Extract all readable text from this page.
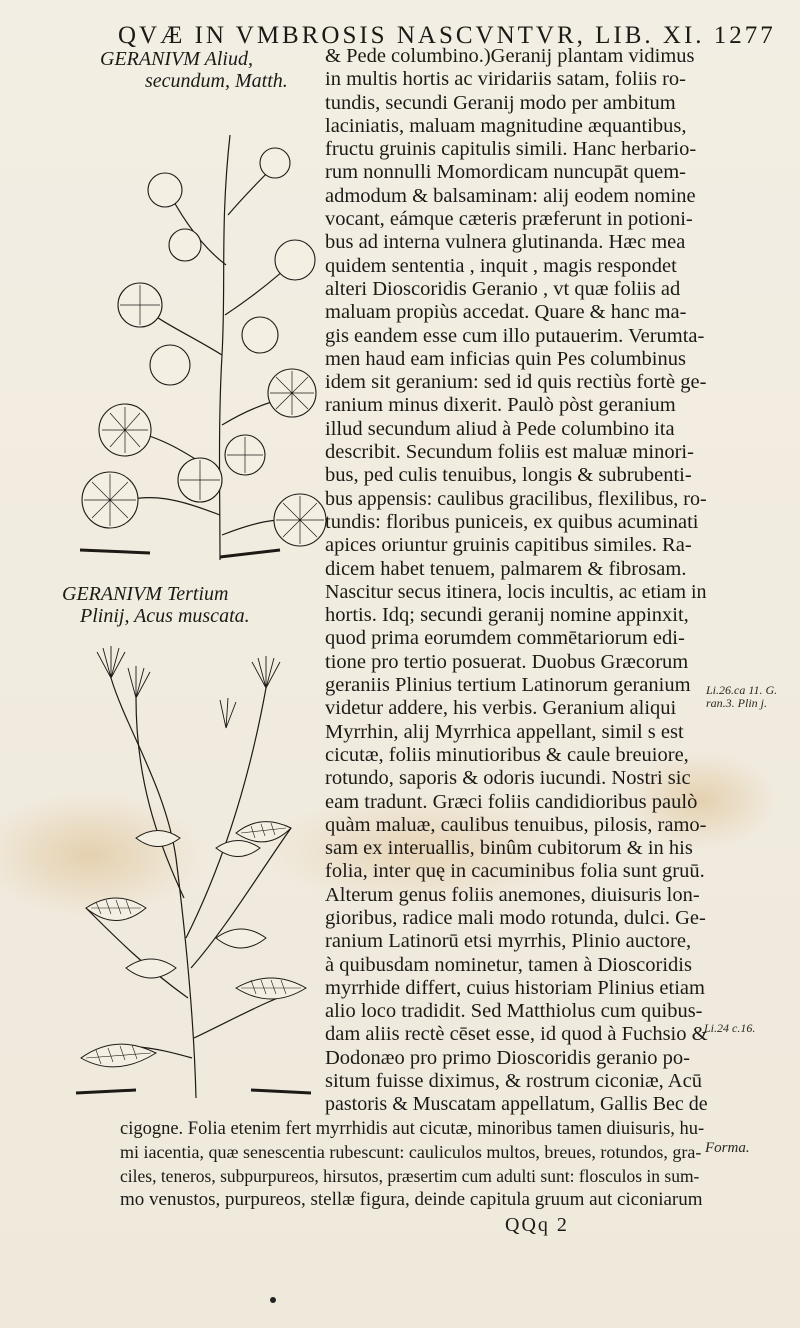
QVÆ IN VMBROSIS NASCVNTVR, LIB. XI. 1277
GERANIVM Aliud,
secundum, Matth.
GERANIVM Tertium
Plinij, Acus muscata.
& Pede columbino.)Geranij plantam vidimus
in multis hortis ac viridariis satam, foliis ro-
tundis, secundi Geranij modo per ambitum
laciniatis, maluam magnitudine æquantibus,
fructu gruinis capitulis simili. Hanc herbario-
rum nonnulli Momordicam nuncupāt quem-
admodum & balsaminam: alij eodem nomine
vocant, eámque cæteris præferunt in potioni-
bus ad interna vulnera glutinanda. Hæc mea
quidem sententia , inquit , magis respondet
alteri Dioscoridis Geranio , vt quæ foliis ad
maluam propiùs accedat. Quare & hanc ma-
gis eandem esse cum illo putauerim. Verumta-
men haud eam inficias quin Pes columbinus
idem sit geranium: sed id quis rectiùs fortè ge-
ranium minus dixerit. Paulò pòst geranium
illud secundum aliud à Pede columbino ita
describit. Secundum foliis est maluæ minori-
bus, ped culis tenuibus, longis & subrubenti-
bus appensis: caulibus gracilibus, flexilibus, ro-
tundis: floribus puniceis, ex quibus acuminati
apices oriuntur gruinis capitibus similes. Ra-
dicem habet tenuem, palmarem & fibrosam.
Nascitur secus itinera, locis incultis, ac etiam in
hortis. Idq; secundi geranij nomine appinxit,
quod prima eorumdem commētariorum edi-
tione pro tertio posuerat. Duobus Græcorum
geraniis Plinius tertium Latinorum geranium
videtur addere, his verbis. Geranium aliqui
Myrrhin, alij Myrrhica appellant, simil s est
cicutæ, foliis minutioribus & caule breuiore,
rotundo, saporis & odoris iucundi. Nostri sic
eam tradunt. Græci foliis candidioribus paulò
quàm maluæ, caulibus tenuibus, pilosis, ramo-
sam ex interuallis, binûm cubitorum & in his
folia, inter quę in cacuminibus folia sunt gruū.
Alterum genus foliis anemones, diuisuris lon-
gioribus, radice mali modo rotunda, dulci. Ge-
ranium Latinorū etsi myrrhis, Plinio auctore,
à quibusdam nominetur, tamen à Dioscoridis
myrrhide differt, cuius historiam Plinius etiam
alio loco tradidit. Sed Matthiolus cum quibus-
dam aliis rectè cēset esse, id quod à Fuchsio &
Dodonæo pro primo Dioscoridis geranio po-
situm fuisse diximus, & rostrum ciconiæ, Acū
pastoris & Muscatam appellatum, Gallis Bec de
cigogne. Folia etenim fert myrrhidis aut cicutæ, minoribus tamen diuisuris, hu-
mi iacentia, quæ senescentia rubescunt: cauliculos multos, breues, rotundos, gra-
ciles, teneros, subpurpureos, hirsutos, præsertim cum adulti sunt: flosculos in sum-
mo venustos, purpureos, stellæ figura, deinde capitula gruum aut ciconiarum
Li.26.ca 11. G. ran.3. Plin j.
Li.24 c.16.
Forma.
QQq 2
